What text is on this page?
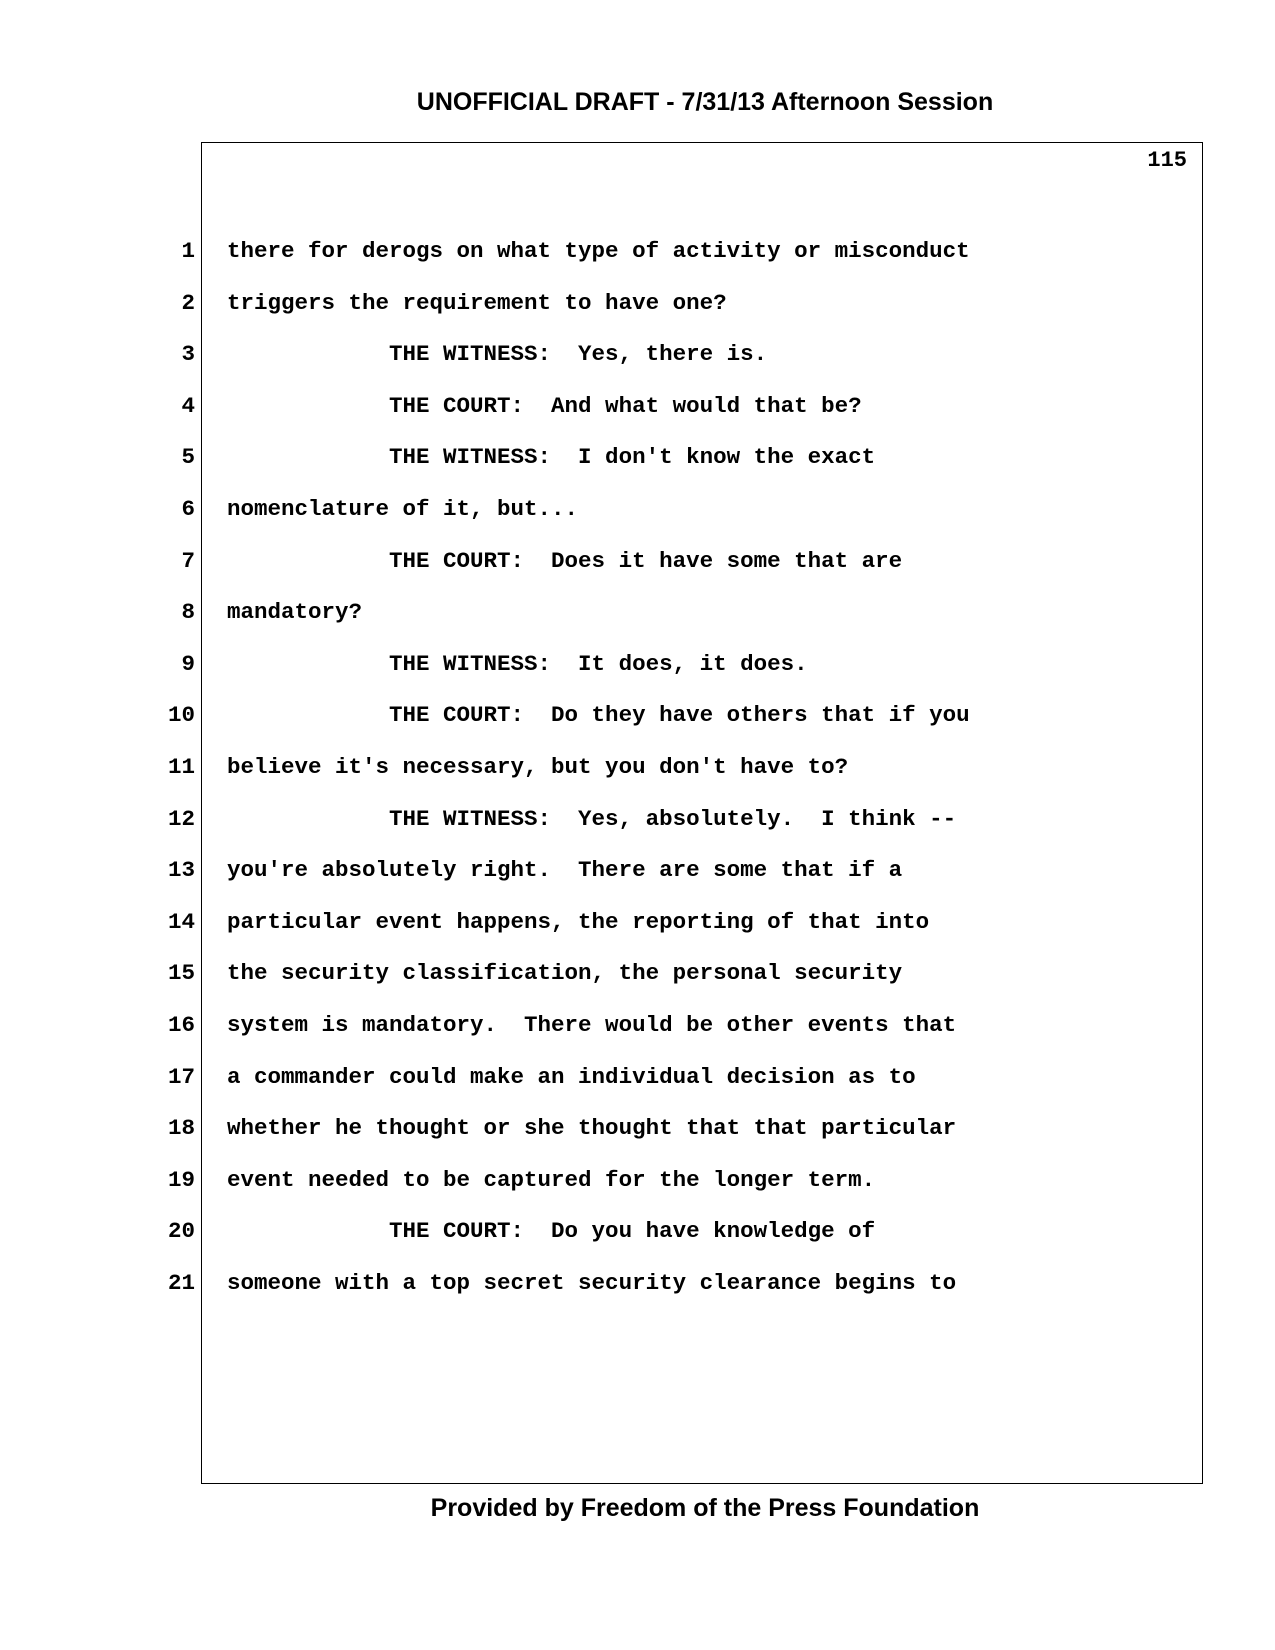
UNOFFICIAL DRAFT - 7/31/13 Afternoon Session
115
1 there for derogs on what type of activity or misconduct
2 triggers the requirement to have one?
3 THE WITNESS:  Yes, there is.
4 THE COURT:  And what would that be?
5 THE WITNESS:  I don't know the exact
6 nomenclature of it, but...
7 THE COURT:  Does it have some that are
8 mandatory?
9 THE WITNESS:  It does, it does.
10 THE COURT:  Do they have others that if you
11 believe it's necessary, but you don't have to?
12 THE WITNESS:  Yes, absolutely.  I think --
13 you're absolutely right.  There are some that if a
14 particular event happens, the reporting of that into
15 the security classification, the personal security
16 system is mandatory.  There would be other events that
17 a commander could make an individual decision as to
18 whether he thought or she thought that that particular
19 event needed to be captured for the longer term.
20 THE COURT:  Do you have knowledge of
21 someone with a top secret security clearance begins to

Provided by Freedom of the Press Foundation
